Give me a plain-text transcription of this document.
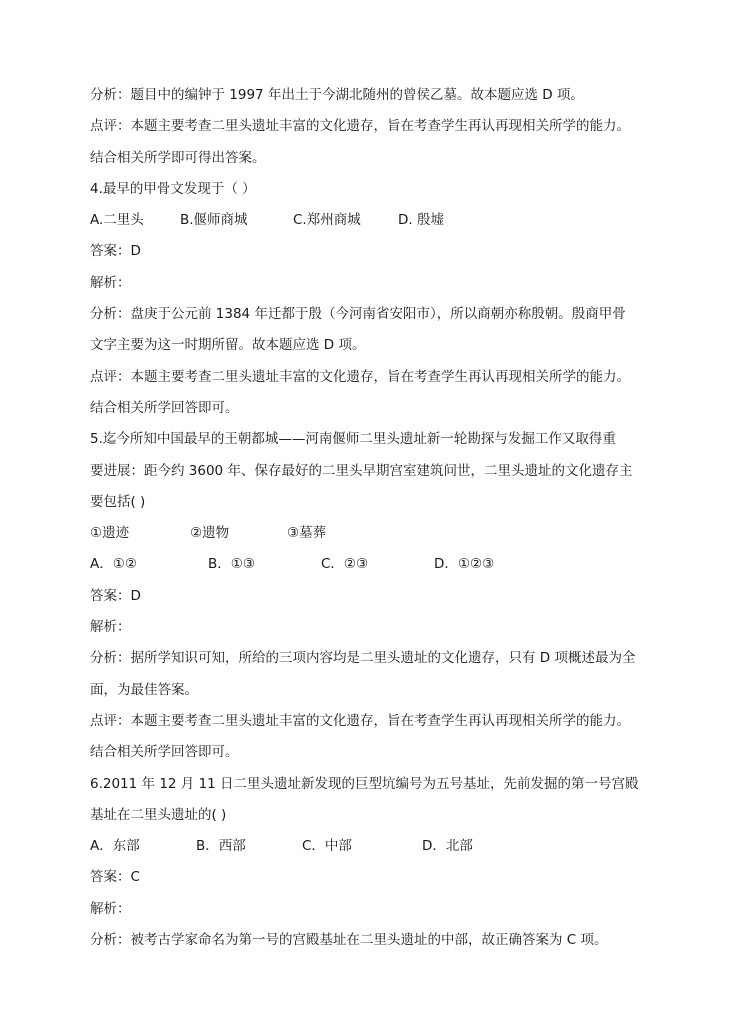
分析：题目中的编钟于 1997 年出土于今湖北随州的曾侯乙墓。故本题应选 D 项。
点评：本题主要考查二里头遗址丰富的文化遗存，旨在考查学生再认再现相关所学的能力。
结合相关所学即可得出答案。
4.最早的甲骨文发现于（ ）
A.二里头	B.偃师商城	C.郑州商城	D. 殷墟
答案：D
解析：
分析：盘庚于公元前 1384 年迁都于殷（今河南省安阳市），所以商朝亦称殷朝。殷商甲骨
文字主要为这一时期所留。故本题应选 D 项。
点评：本题主要考查二里头遗址丰富的文化遗存，旨在考查学生再认再现相关所学的能力。
结合相关所学回答即可。
5.迄今所知中国最早的王朝都城——河南偃师二里头遗址新一轮勘探与发掘工作又取得重
要进展：距今约 3600 年、保存最好的二里头早期宫室建筑问世，二里头遗址的文化遗存主
要包括( )
①遗迹	②遗物	③墓葬
A．①②	B．①③	C．②③	D．①②③
答案：D
解析：
分析：据所学知识可知，所给的三项内容均是二里头遗址的文化遗存，只有 D 项概述最为全
面，为最佳答案。
点评：本题主要考查二里头遗址丰富的文化遗存，旨在考查学生再认再现相关所学的能力。
结合相关所学回答即可。
6.2011 年 12 月 11 日二里头遗址新发现的巨型坑编号为五号基址，先前发掘的第一号宫殿
基址在二里头遗址的( )
A．东部	B．西部	C．中部	D．北部
答案：C
解析：
分析：被考古学家命名为第一号的宫殿基址在二里头遗址的中部，故正确答案为 C 项。
